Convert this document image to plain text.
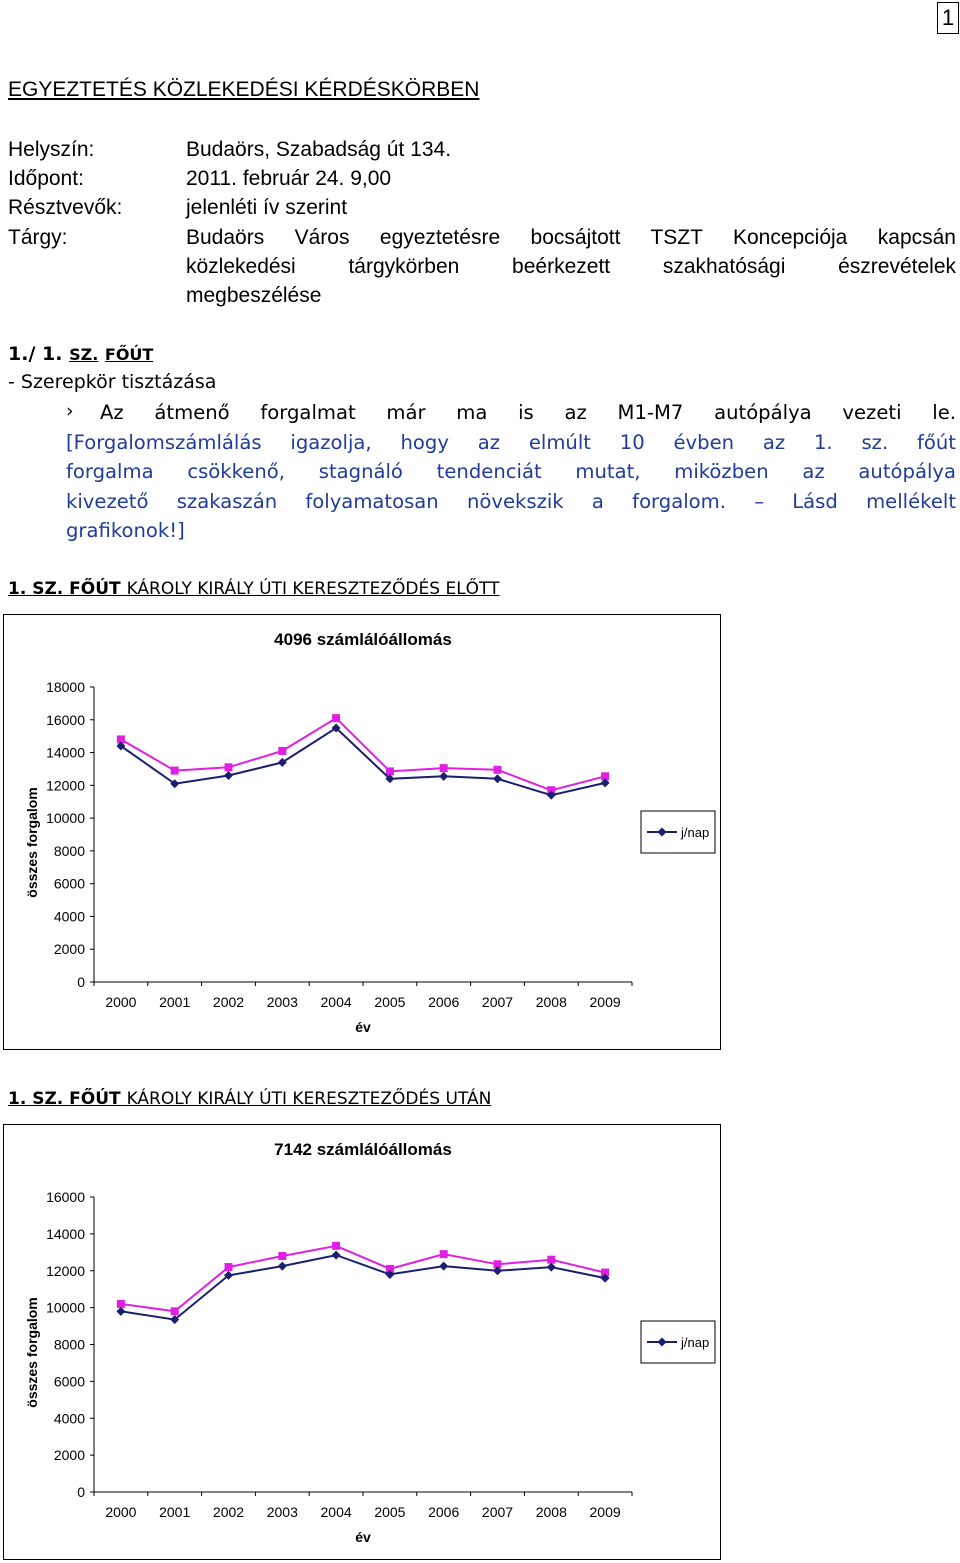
1
EGYEZTETÉS KÖZLEKEDÉSI KÉRDÉSKÖRBEN
Helyszín:	Budaörs, Szabadság út 134.
Időpont:	2011. február 24. 9,00
Résztvevők:	jelenléti ív szerint
Tárgy:	Budaörs Város egyeztetésre bocsájtott TSZT Koncepciója kapcsán
közlekedési tárgykörben beérkezett szakhatósági észrevételek
megbeszélése
1./ 1. SZ. FŐÚT
- Szerepkör tisztázása
›	Az átmenő forgalmat már ma is az M1-M7 autópálya vezeti le.
[Forgalomszámlálás igazolja, hogy az elmúlt 10 évben az 1. sz. főút
forgalma csökkenő, stagnáló tendenciát mutat, miközben az autópálya
kivezető szakaszán folyamatosan növekszik a forgalom. – Lásd mellékelt
grafikonok!]
1. SZ. FŐÚT KÁROLY KIRÁLY ÚTI KERESZTEZŐDÉS ELŐTT
4096 számlálóállomás
0
2000
4000
6000
8000
10000
12000
14000
16000
18000
2000 2001 2002 2003 2004 2005 2006 2007 2008 2009
év
összes forgalom	j/nap
1. SZ. FŐÚT KÁROLY KIRÁLY ÚTI KERESZTEZŐDÉS UTÁN
7142 számlálóállomás
0
2000
4000
6000
8000
10000
12000
14000
16000
2000 2001 2002 2003 2004 2005 2006 2007 2008 2009
év
összes forgalom	j/nap
